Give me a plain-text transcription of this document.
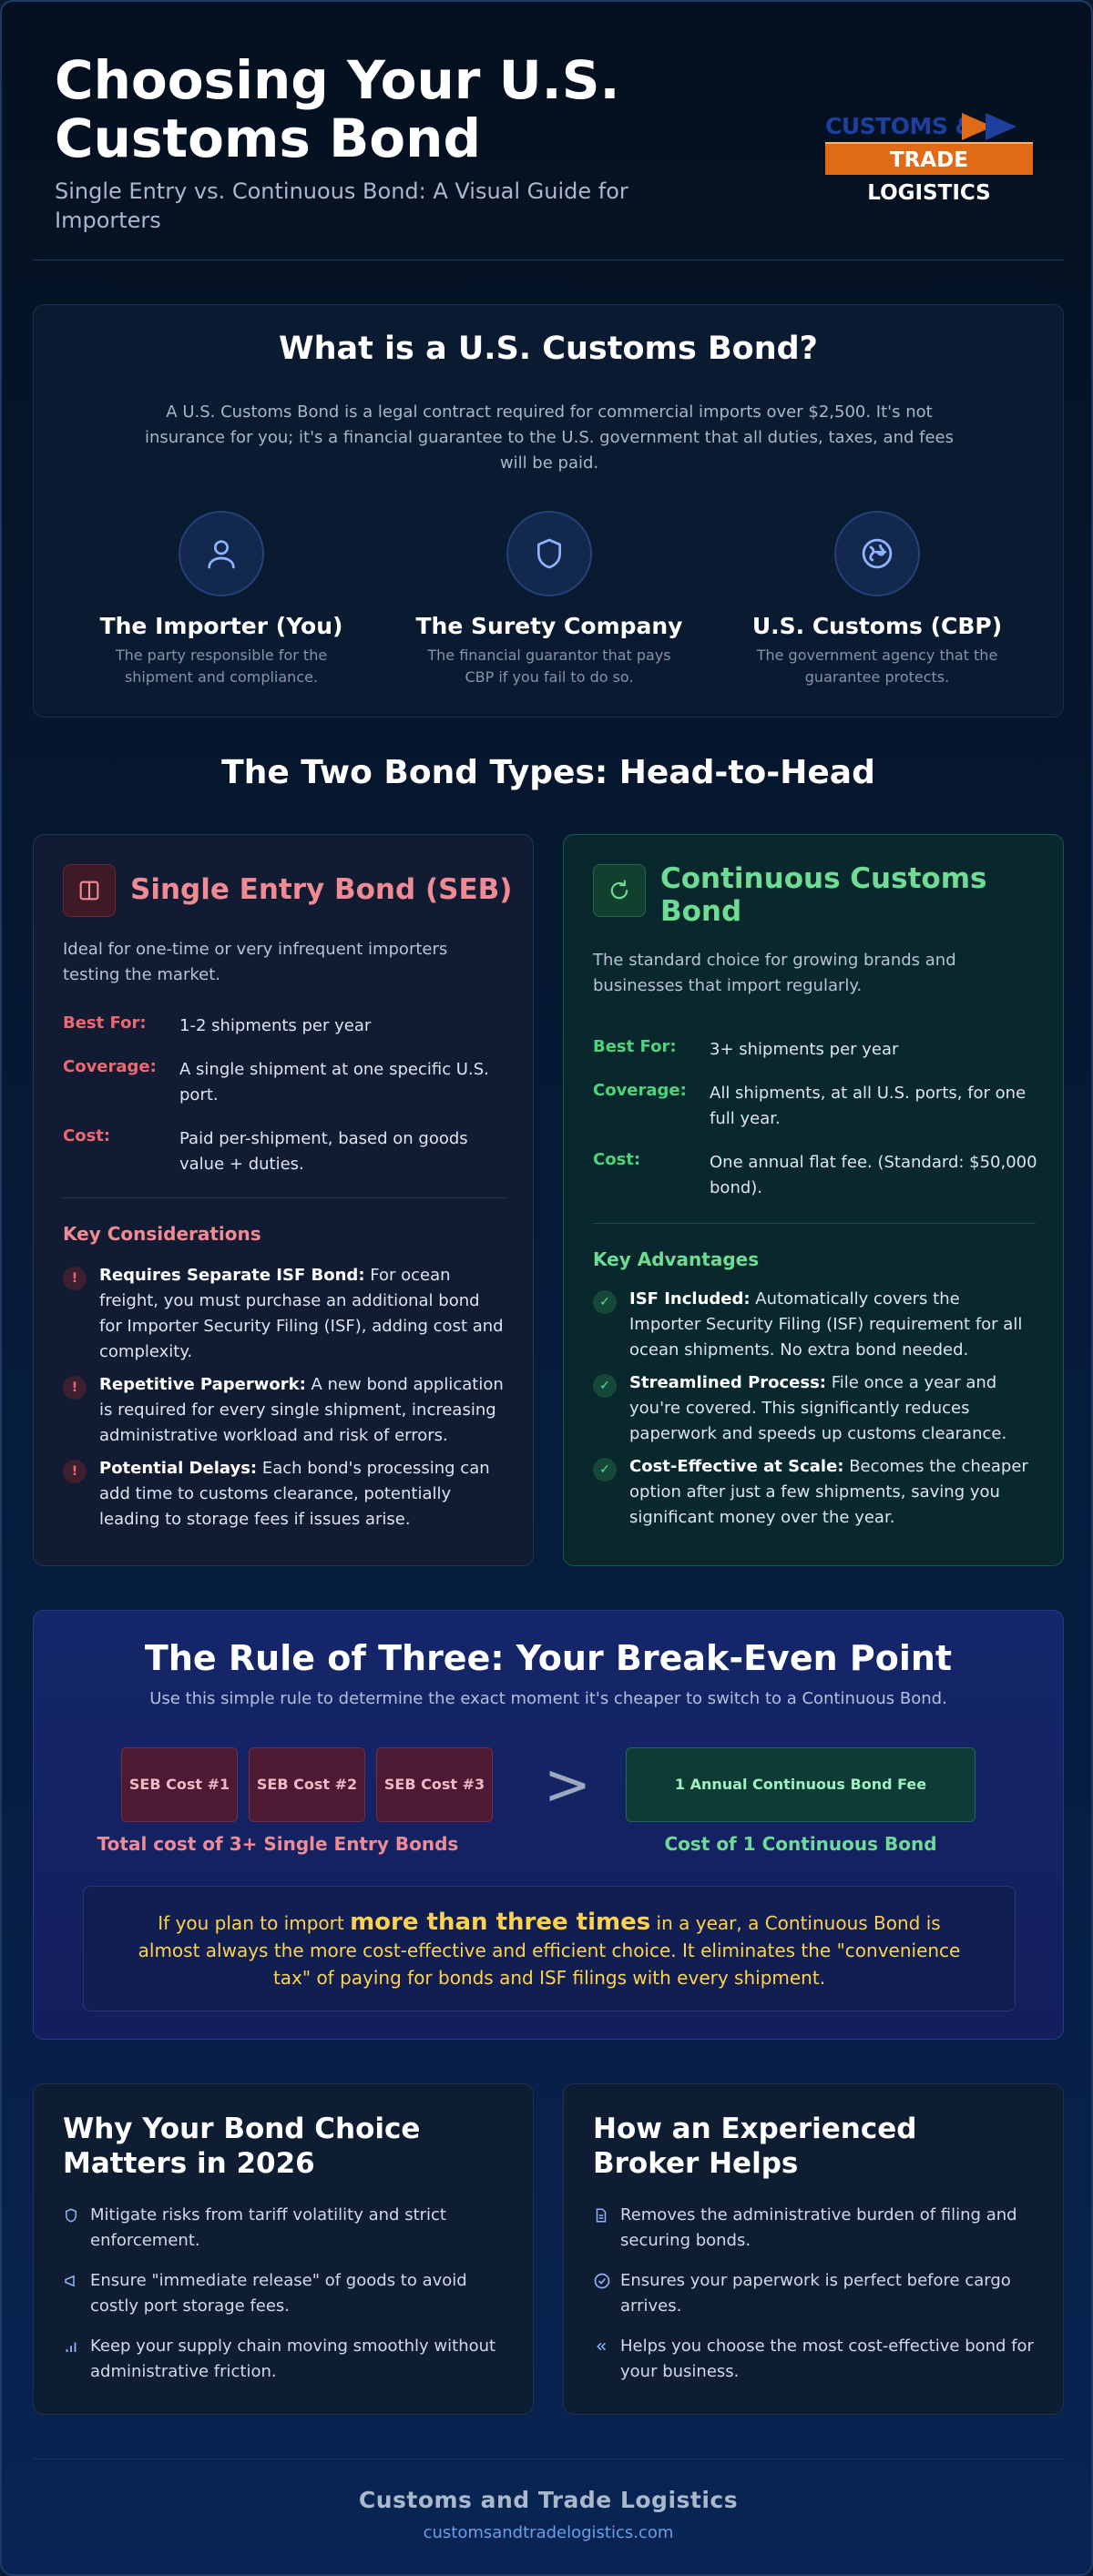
Choosing Your U.S. Customs Bond
Single Entry vs. Continuous Bond: A Visual Guide for Importers
CUSTOMS &
TRADE LOGISTICS
What is a U.S. Customs Bond?

A U.S. Customs Bond is a legal contract required for commercial imports over $2,500. It's not insurance for you; it's a financial guarantee to the U.S. government that all duties, taxes, and fees will be paid.

The Importer (You)
The party responsible for the shipment and compliance.
The Surety Company
The financial guarantor that pays CBP if you fail to do so.
U.S. Customs (CBP)
The government agency that the guarantee protects.
The Two Bond Types: Head-to-Head
Single Entry Bond (SEB)
Ideal for one-time or very infrequent importers testing the market.
Best For: 1-2 shipments per year
Coverage: A single shipment at one specific U.S. port.
Cost:	Paid per-shipment, based on goods value + duties.
Key Considerations
!	Requires Separate ISF Bond: For ocean freight, you must purchase an additional bond for Importer Security Filing (ISF), adding cost and complexity.
!	Repetitive Paperwork: A new bond application is required for every single shipment, increasing administrative workload and risk of errors.
!	Potential Delays: Each bond's processing can add time to customs clearance, potentially leading to storage fees if issues arise.
Continuous Customs Bond
The standard choice for growing brands and businesses that import regularly.
Best For: 3+ shipments per year
Coverage: All shipments, at all U.S. ports, for one full year.
Cost:	One annual flat fee. (Standard: $50,000 bond).
Key Advantages
✓	ISF Included: Automatically covers the Importer Security Filing (ISF) requirement for all ocean shipments. No extra bond needed.
✓	Streamlined Process: File once a year and you're covered. This significantly reduces paperwork and speeds up customs clearance.
✓	Cost-Effective at Scale: Becomes the cheaper option after just a few shipments, saving you significant money over the year.
The Rule of Three: Your Break-Even Point
Use this simple rule to determine the exact moment it's cheaper to switch to a Continuous Bond.
SEB Cost #1	SEB Cost #2	SEB Cost #3 >	1 Annual Continuous Bond Fee
Total cost of 3+ Single Entry Bonds	Cost of 1 Continuous Bond
If you plan to import more than three times in a year, a Continuous Bond is almost always the more cost-effective and efficient choice. It eliminates the "convenience tax" of paying for bonds and ISF filings with every shipment.
Why Your Bond Choice Matters in 2026
Mitigate risks from tariff volatility and strict enforcement.
Ensure "immediate release" of goods to avoid costly port storage fees.
Keep your supply chain moving smoothly without administrative friction.
How an Experienced Broker Helps
Removes the administrative burden of filing and securing bonds.
Ensures your paperwork is perfect before cargo arrives.
Helps you choose the most cost-effective bond for your business.
Customs and Trade Logistics
customsandtradelogistics.com
